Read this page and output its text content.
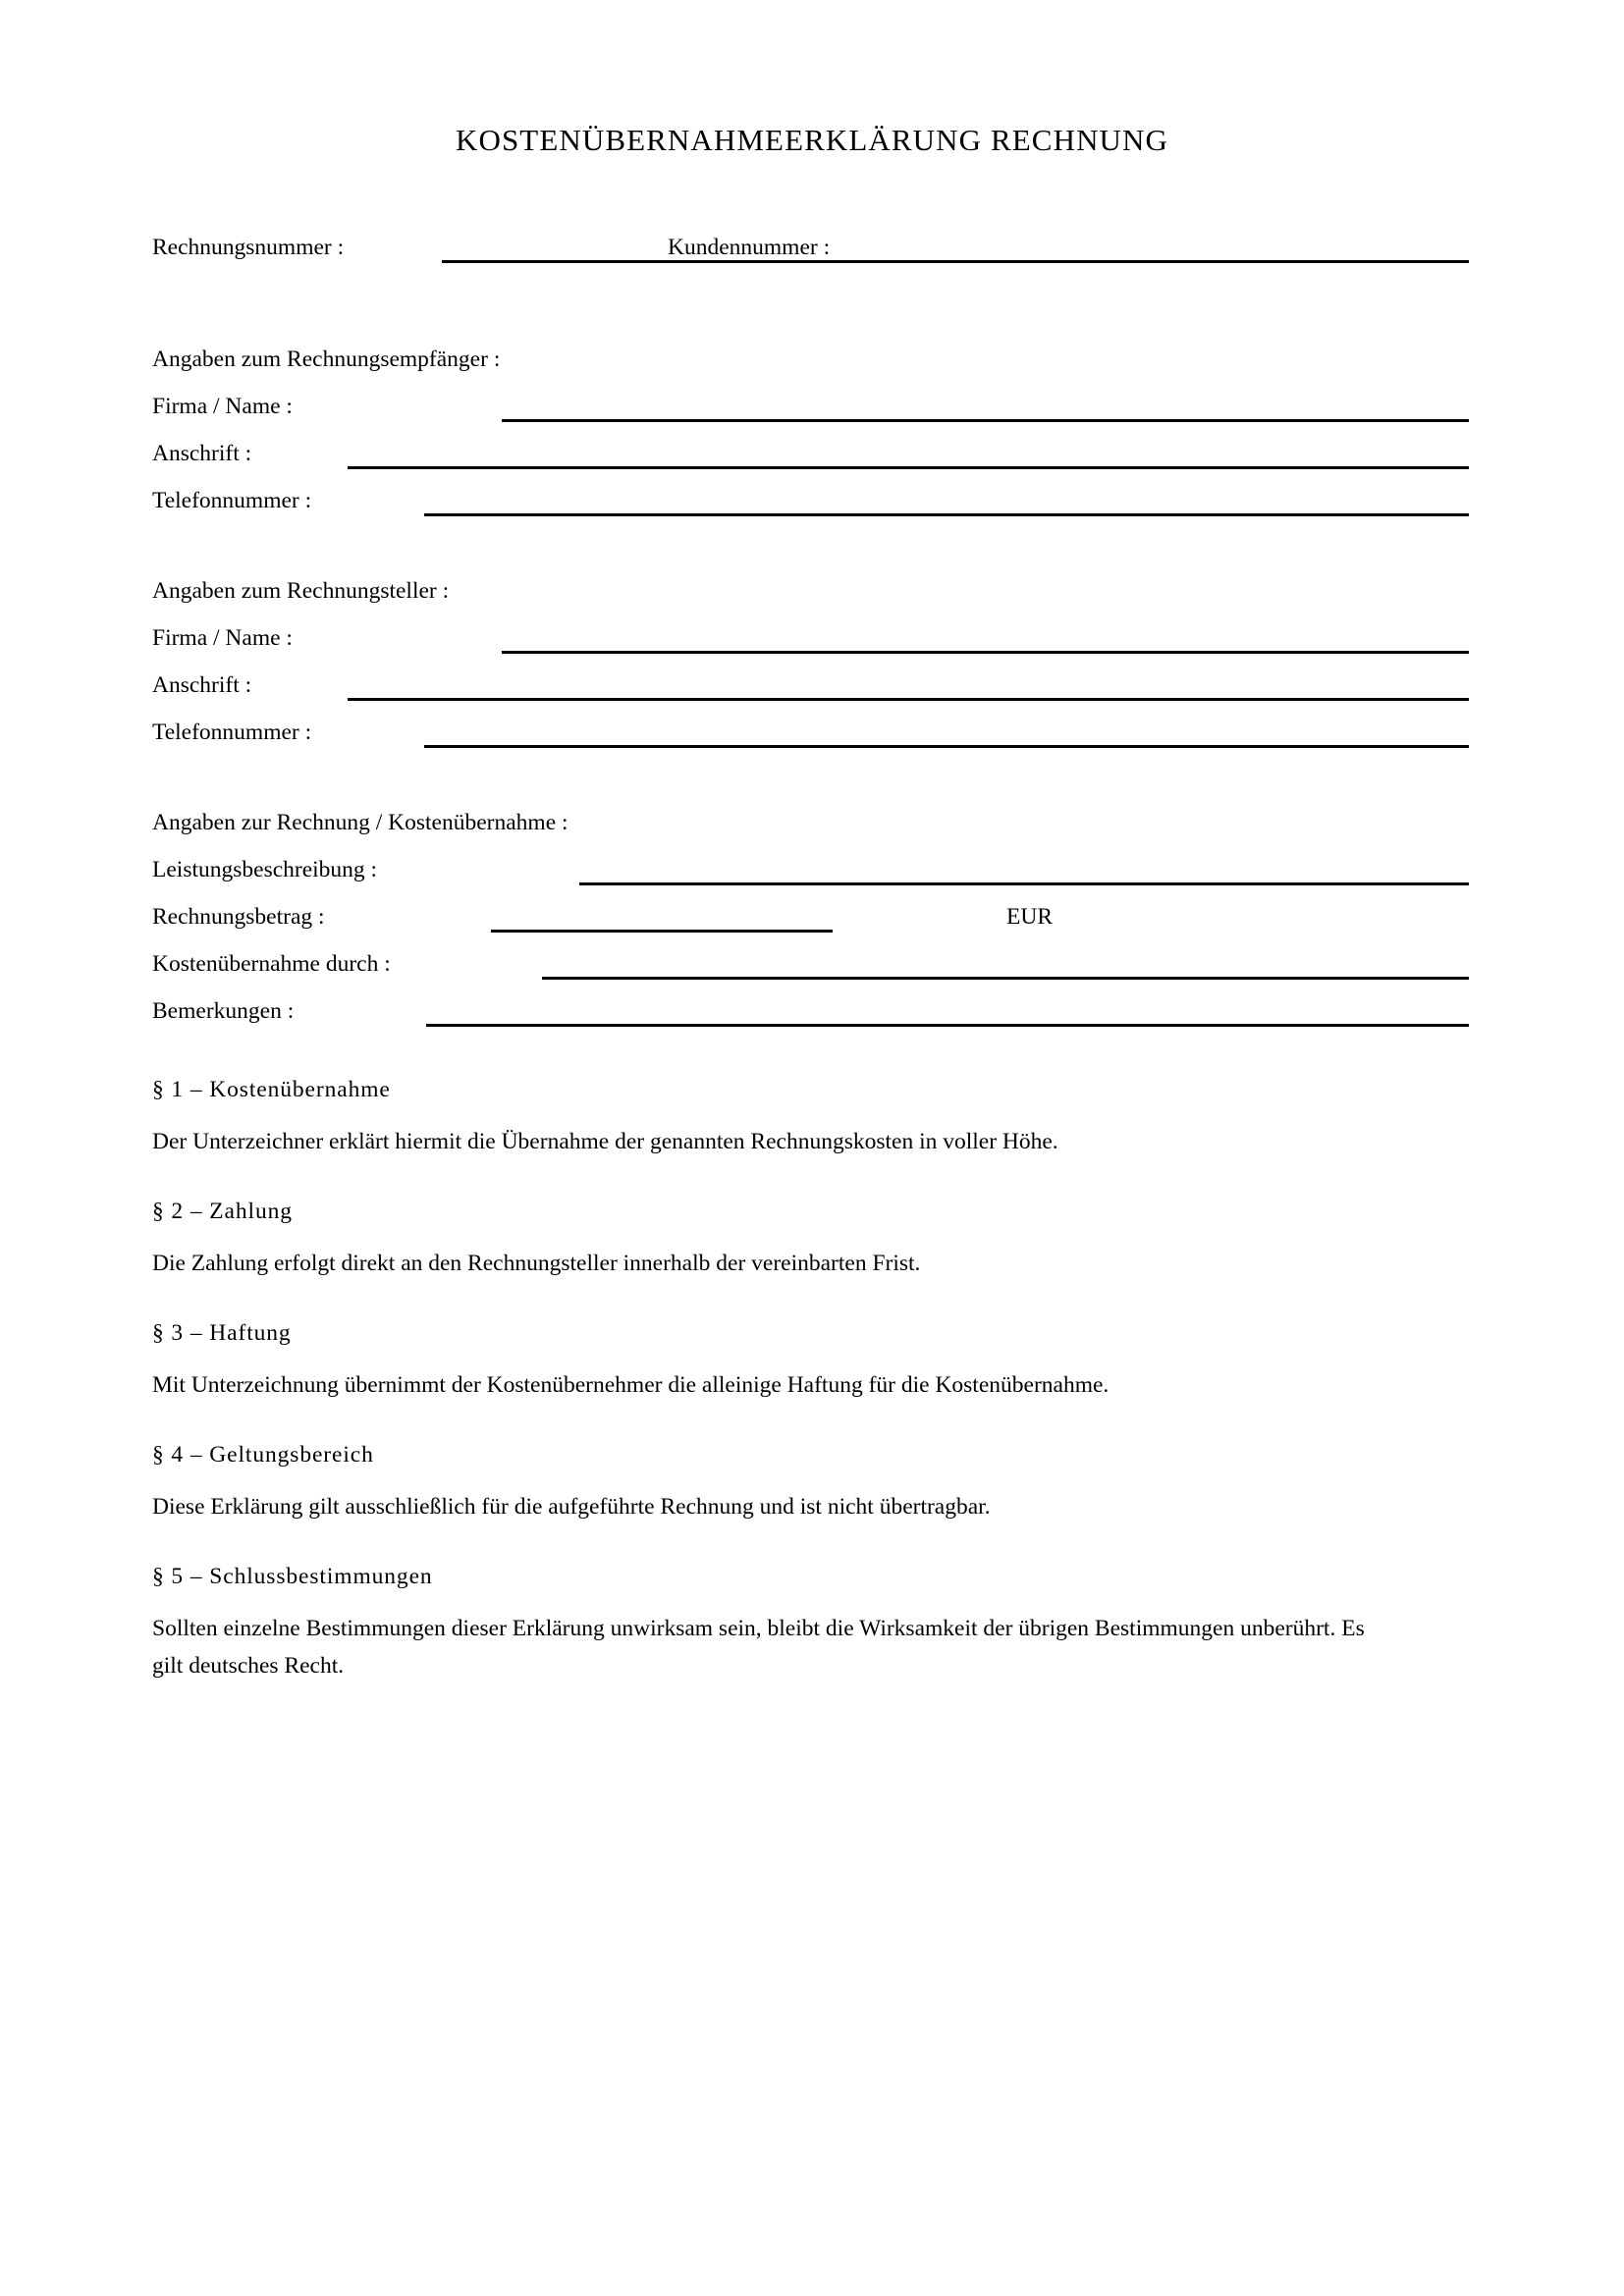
KOSTENÜBERNAHMEERKLÄRUNG RECHNUNG
Rechnungsnummer :	Kundennummer :
Angaben zum Rechnungsempfänger :
Firma / Name :
Anschrift :
Telefonnummer :
Angaben zum Rechnungsteller :
Firma / Name :
Anschrift :
Telefonnummer :
Angaben zur Rechnung / Kostenübernahme :
Leistungsbeschreibung :
Rechnungsbetrag :	EUR
Kostenübernahme durch :
Bemerkungen :
§ 1 – Kostenübernahme
Der Unterzeichner erklärt hiermit die Übernahme der genannten Rechnungskosten in voller Höhe.
§ 2 – Zahlung
Die Zahlung erfolgt direkt an den Rechnungsteller innerhalb der vereinbarten Frist.
§ 3 – Haftung
Mit Unterzeichnung übernimmt der Kostenübernehmer die alleinige Haftung für die Kostenübernahme.
§ 4 – Geltungsbereich
Diese Erklärung gilt ausschließlich für die aufgeführte Rechnung und ist nicht übertragbar.
§ 5 – Schlussbestimmungen
Sollten einzelne Bestimmungen dieser Erklärung unwirksam sein, bleibt die Wirksamkeit der übrigen Bestimmungen unberührt. Es gilt deutsches Recht.
